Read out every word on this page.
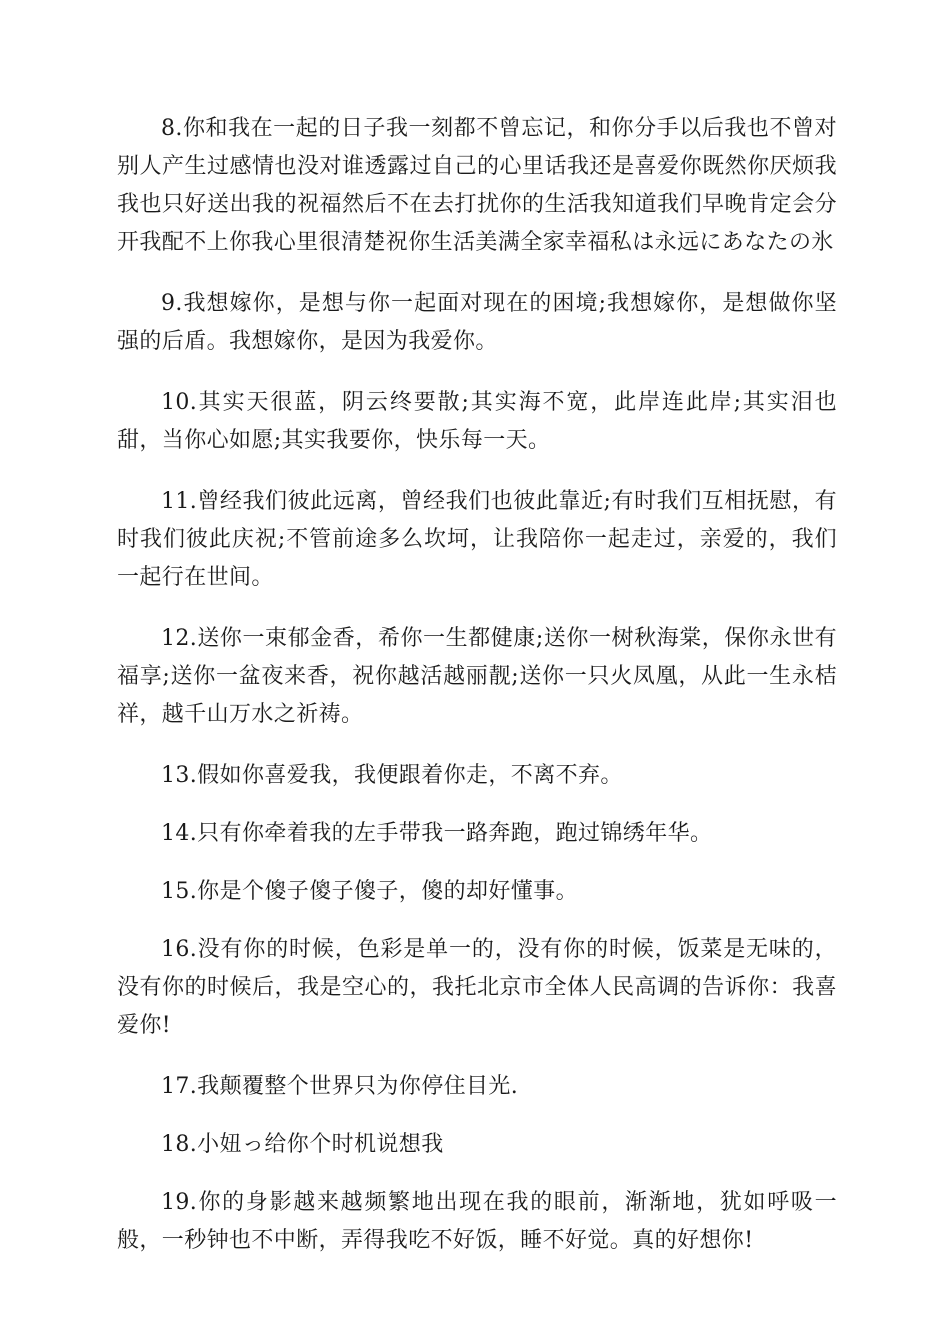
8.你和我在一起的日子我一刻都不曾忘记，和你分手以后我也不曾对别人产生过感情也没对谁透露过自己的心里话我还是喜爱你既然你厌烦我我也只好送出我的祝福然后不在去打扰你的生活我知道我们早晚肯定会分开我配不上你我心里很清楚祝你生活美满全家幸福私は永远にあなたの氷

9.我想嫁你，是想与你一起面对现在的困境;我想嫁你，是想做你坚强的后盾。我想嫁你，是因为我爱你。

10.其实天很蓝，阴云终要散;其实海不宽，此岸连此岸;其实泪也甜，当你心如愿;其实我要你，快乐每一天。

11.曾经我们彼此远离，曾经我们也彼此靠近;有时我们互相抚慰，有时我们彼此庆祝;不管前途多么坎坷，让我陪你一起走过，亲爱的，我们一起行在世间。

12.送你一束郁金香，希你一生都健康;送你一树秋海棠，保你永世有福享;送你一盆夜来香，祝你越活越丽靓;送你一只火凤凰，从此一生永桔祥，越千山万水之祈祷。

13.假如你喜爱我，我便跟着你走，不离不弃。

14.只有你牵着我的左手带我一路奔跑，跑过锦绣年华。

15.你是个傻子傻子傻子，傻的却好懂事。

16.没有你的时候，色彩是单一的，没有你的时候，饭菜是无味的，没有你的时候后，我是空心的，我托北京市全体人民高调的告诉你：我喜爱你!

17.我颠覆整个世界只为你停住目光.

18.小妞っ给你个时机说想我

19.你的身影越来越频繁地出现在我的眼前，渐渐地，犹如呼吸一般，一秒钟也不中断，弄得我吃不好饭，睡不好觉。真的好想你!
